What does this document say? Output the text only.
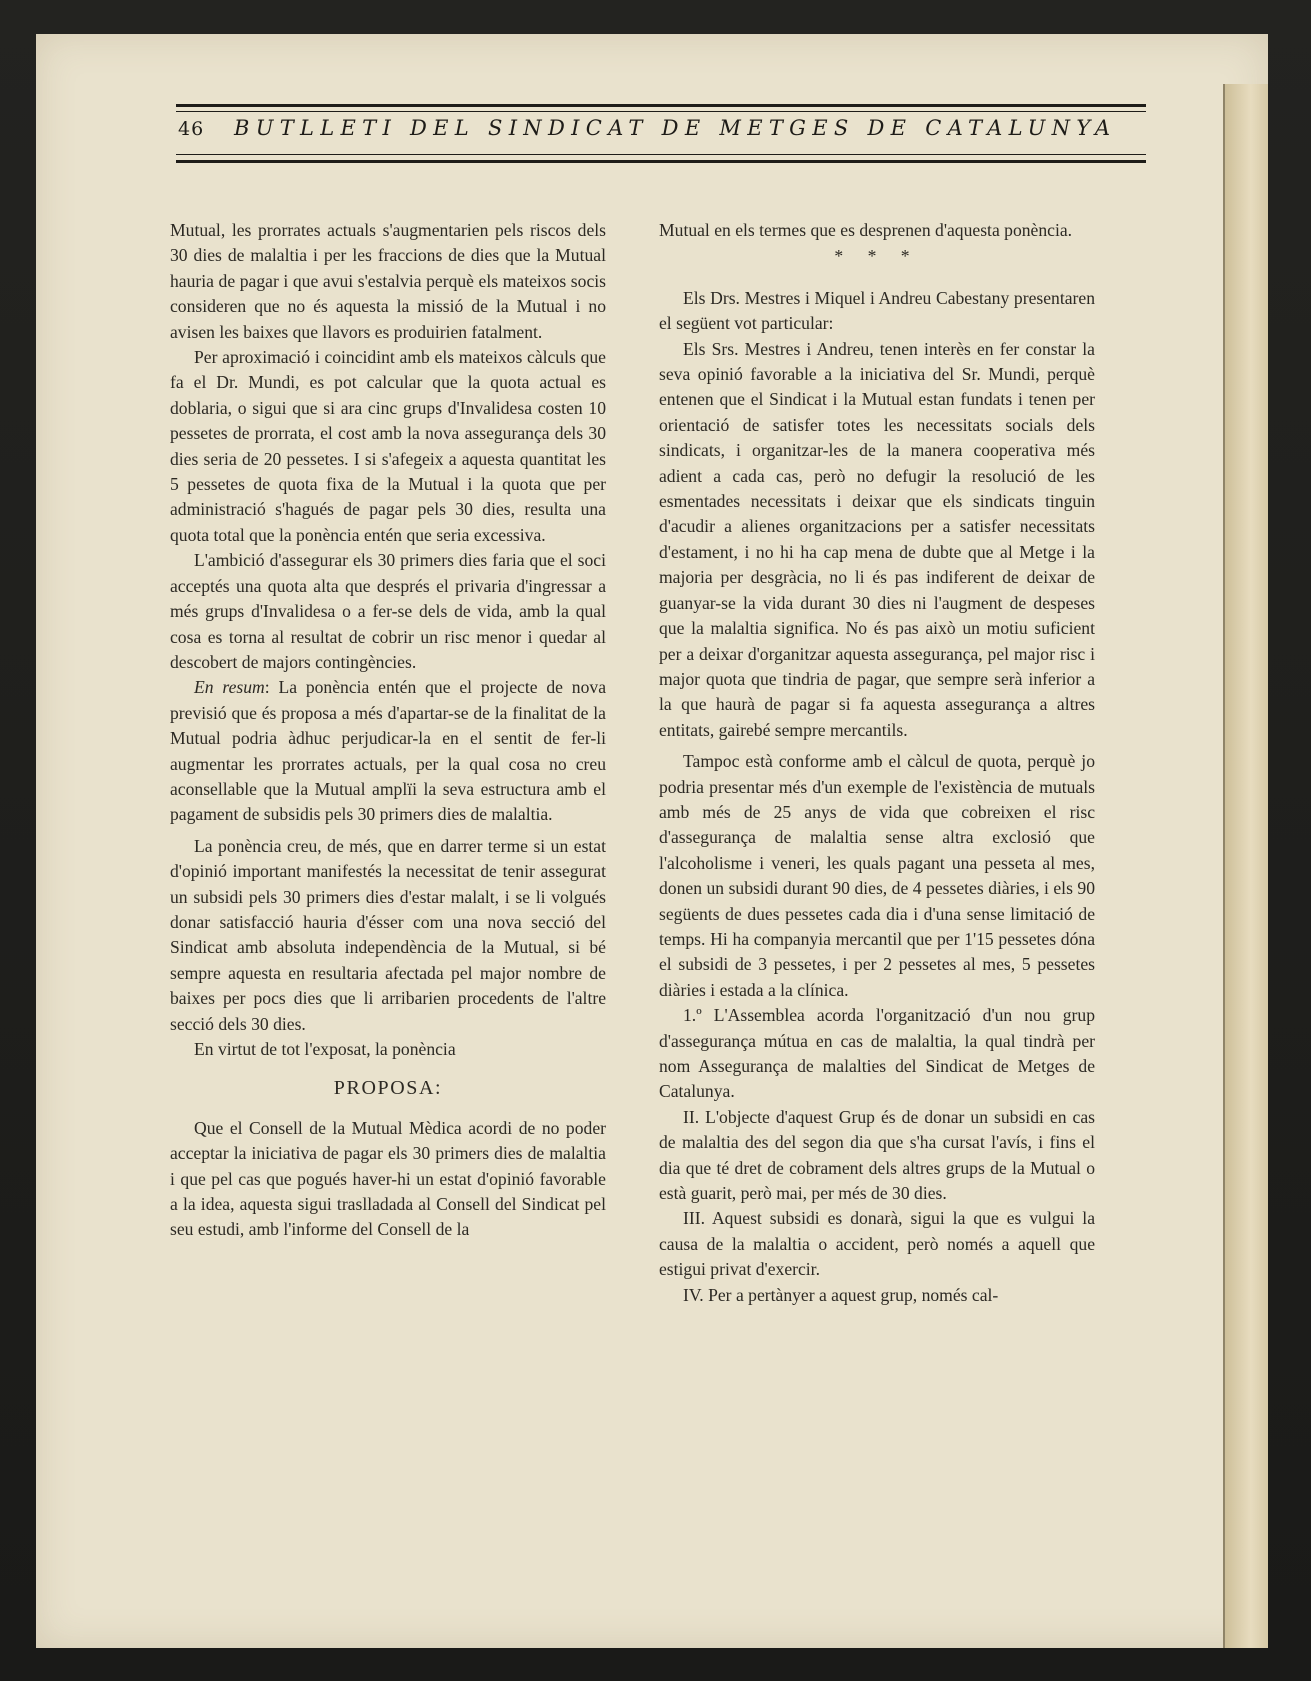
46 BUTLLETI DEL SINDICAT DE METGES DE CATALUNYA

Mutual, les prorrates actuals s'augmentarien pels riscos dels 30 dies de malaltia i per les fraccions de dies que la Mutual hauria de pagar i que avui s'estalvia perquè els mateixos socis consideren que no és aquesta la missió de la Mutual i no avisen les baixes que llavors es produirien fatalment.

Per aproximació i coincidint amb els mateixos càlculs que fa el Dr. Mundi, es pot calcular que la quota actual es doblaria, o sigui que si ara cinc grups d'Invalidesa costen 10 pessetes de prorrata, el cost amb la nova assegurança dels 30 dies seria de 20 pessetes. I si s'afegeix a aquesta quantitat les 5 pessetes de quota fixa de la Mutual i la quota que per administració s'hagués de pagar pels 30 dies, resulta una quota total que la ponència entén que seria excessiva.

L'ambició d'assegurar els 30 primers dies faria que el soci acceptés una quota alta que després el privaria d'ingressar a més grups d'Invalidesa o a fer-se dels de vida, amb la qual cosa es torna al resultat de cobrir un risc menor i quedar al descobert de majors contingències.

En resum: La ponència entén que el projecte de nova previsió que és proposa a més d'apartar-se de la finalitat de la Mutual podria àdhuc perjudicar-la en el sentit de fer-li augmentar les prorrates actuals, per la qual cosa no creu aconsellable que la Mutual amplïi la seva estructura amb el pagament de subsidis pels 30 primers dies de malaltia.

La ponència creu, de més, que en darrer terme si un estat d'opinió important manifestés la necessitat de tenir assegurat un subsidi pels 30 primers dies d'estar malalt, i se li volgués donar satisfacció hauria d'ésser com una nova secció del Sindicat amb absoluta independència de la Mutual, si bé sempre aquesta en resultaria afectada pel major nombre de baixes per pocs dies que li arribarien procedents de l'altre secció dels 30 dies.

En virtut de tot l'exposat, la ponència

PROPOSA:

Que el Consell de la Mutual Mèdica acordi de no poder acceptar la iniciativa de pagar els 30 primers dies de malaltia i que pel cas que pogués haver-hi un estat d'opinió favorable a la idea, aquesta sigui traslladada al Consell del Sindicat pel seu estudi, amb l'informe del Consell de la

Mutual en els termes que es desprenen d'aquesta ponència.

* * *

Els Drs. Mestres i Miquel i Andreu Cabestany presentaren el següent vot particular:

Els Srs. Mestres i Andreu, tenen interès en fer constar la seva opinió favorable a la iniciativa del Sr. Mundi, perquè entenen que el Sindicat i la Mutual estan fundats i tenen per orientació de satisfer totes les necessitats socials dels sindicats, i organitzar-les de la manera cooperativa més adient a cada cas, però no defugir la resolució de les esmentades necessitats i deixar que els sindicats tinguin d'acudir a alienes organitzacions per a satisfer necessitats d'estament, i no hi ha cap mena de dubte que al Metge i la majoria per desgràcia, no li és pas indiferent de deixar de guanyar-se la vida durant 30 dies ni l'augment de despeses que la malaltia significa. No és pas això un motiu suficient per a deixar d'organitzar aquesta assegurança, pel major risc i major quota que tindria de pagar, que sempre serà inferior a la que haurà de pagar si fa aquesta assegurança a altres entitats, gairebé sempre mercantils.

Tampoc està conforme amb el càlcul de quota, perquè jo podria presentar més d'un exemple de l'existència de mutuals amb més de 25 anys de vida que cobreixen el risc d'assegurança de malaltia sense altra exclosió que l'alcoholisme i veneri, les quals pagant una pesseta al mes, donen un subsidi durant 90 dies, de 4 pessetes diàries, i els 90 següents de dues pessetes cada dia i d'una sense limitació de temps. Hi ha companyia mercantil que per 1'15 pessetes dóna el subsidi de 3 pessetes, i per 2 pessetes al mes, 5 pessetes diàries i estada a la clínica.

1.º L'Assemblea acorda l'organització d'un nou grup d'assegurança mútua en cas de malaltia, la qual tindrà per nom Assegurança de malalties del Sindicat de Metges de Catalunya.

II. L'objecte d'aquest Grup és de donar un subsidi en cas de malaltia des del segon dia que s'ha cursat l'avís, i fins el dia que té dret de cobrament dels altres grups de la Mutual o està guarit, però mai, per més de 30 dies.

III. Aquest subsidi es donarà, sigui la que es vulgui la causa de la malaltia o accident, però només a aquell que estigui privat d'exercir.

IV. Per a pertànyer a aquest grup, només cal-
